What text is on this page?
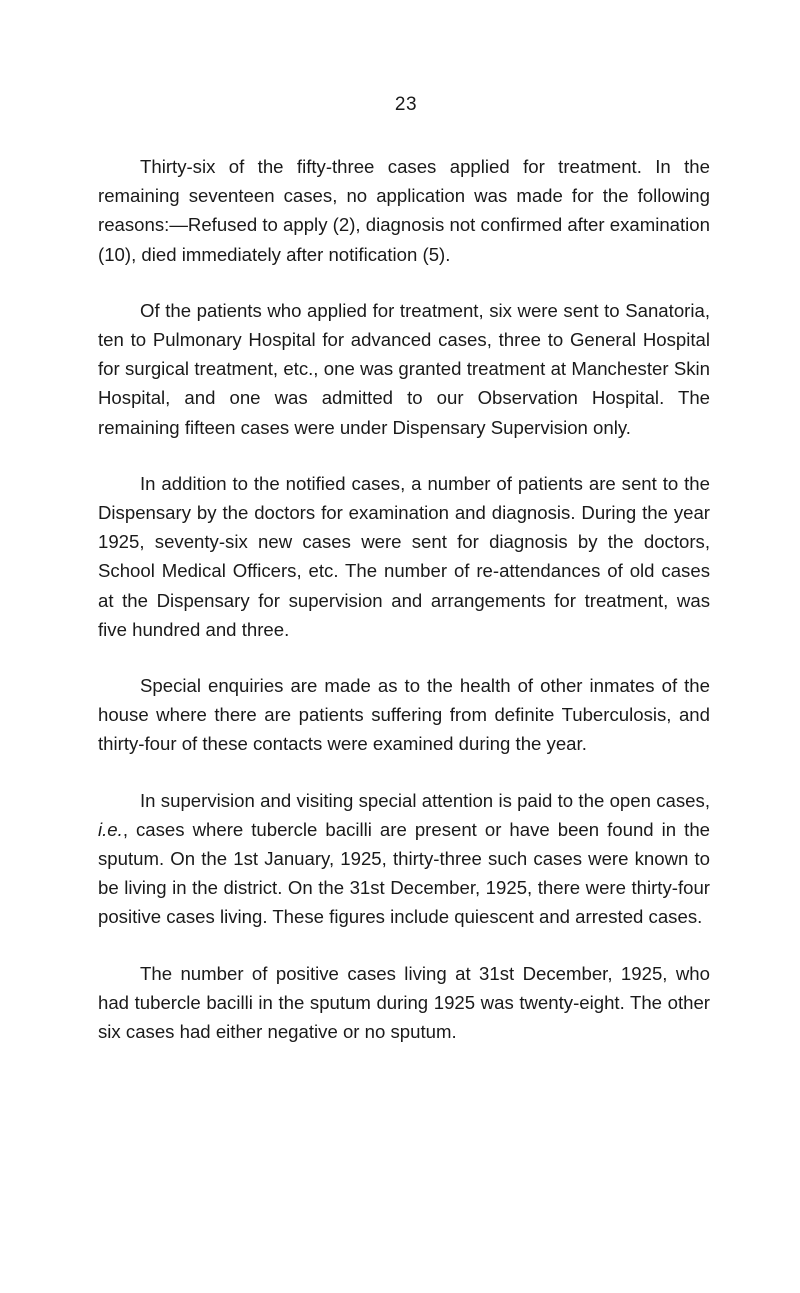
23

Thirty-six of the fifty-three cases applied for treatment. In the remaining seventeen cases, no application was made for the following reasons:—Refused to apply (2), diagnosis not confirmed after examination (10), died immediately after notification (5).

Of the patients who applied for treatment, six were sent to Sanatoria, ten to Pulmonary Hospital for advanced cases, three to General Hospital for surgical treatment, etc., one was granted treatment at Manchester Skin Hospital, and one was admitted to our Observation Hospital. The remaining fifteen cases were under Dispensary Supervision only.

In addition to the notified cases, a number of patients are sent to the Dispensary by the doctors for examination and diagnosis. During the year 1925, seventy-six new cases were sent for diagnosis by the doctors, School Medical Officers, etc. The number of re-attendances of old cases at the Dispensary for supervision and arrangements for treatment, was five hundred and three.

Special enquiries are made as to the health of other inmates of the house where there are patients suffering from definite Tuberculosis, and thirty-four of these contacts were examined during the year.

In supervision and visiting special attention is paid to the open cases, i.e., cases where tubercle bacilli are present or have been found in the sputum. On the 1st January, 1925, thirty-three such cases were known to be living in the district. On the 31st December, 1925, there were thirty-four positive cases living. These figures include quiescent and arrested cases.

The number of positive cases living at 31st December, 1925, who had tubercle bacilli in the sputum during 1925 was twenty-eight. The other six cases had either negative or no sputum.
